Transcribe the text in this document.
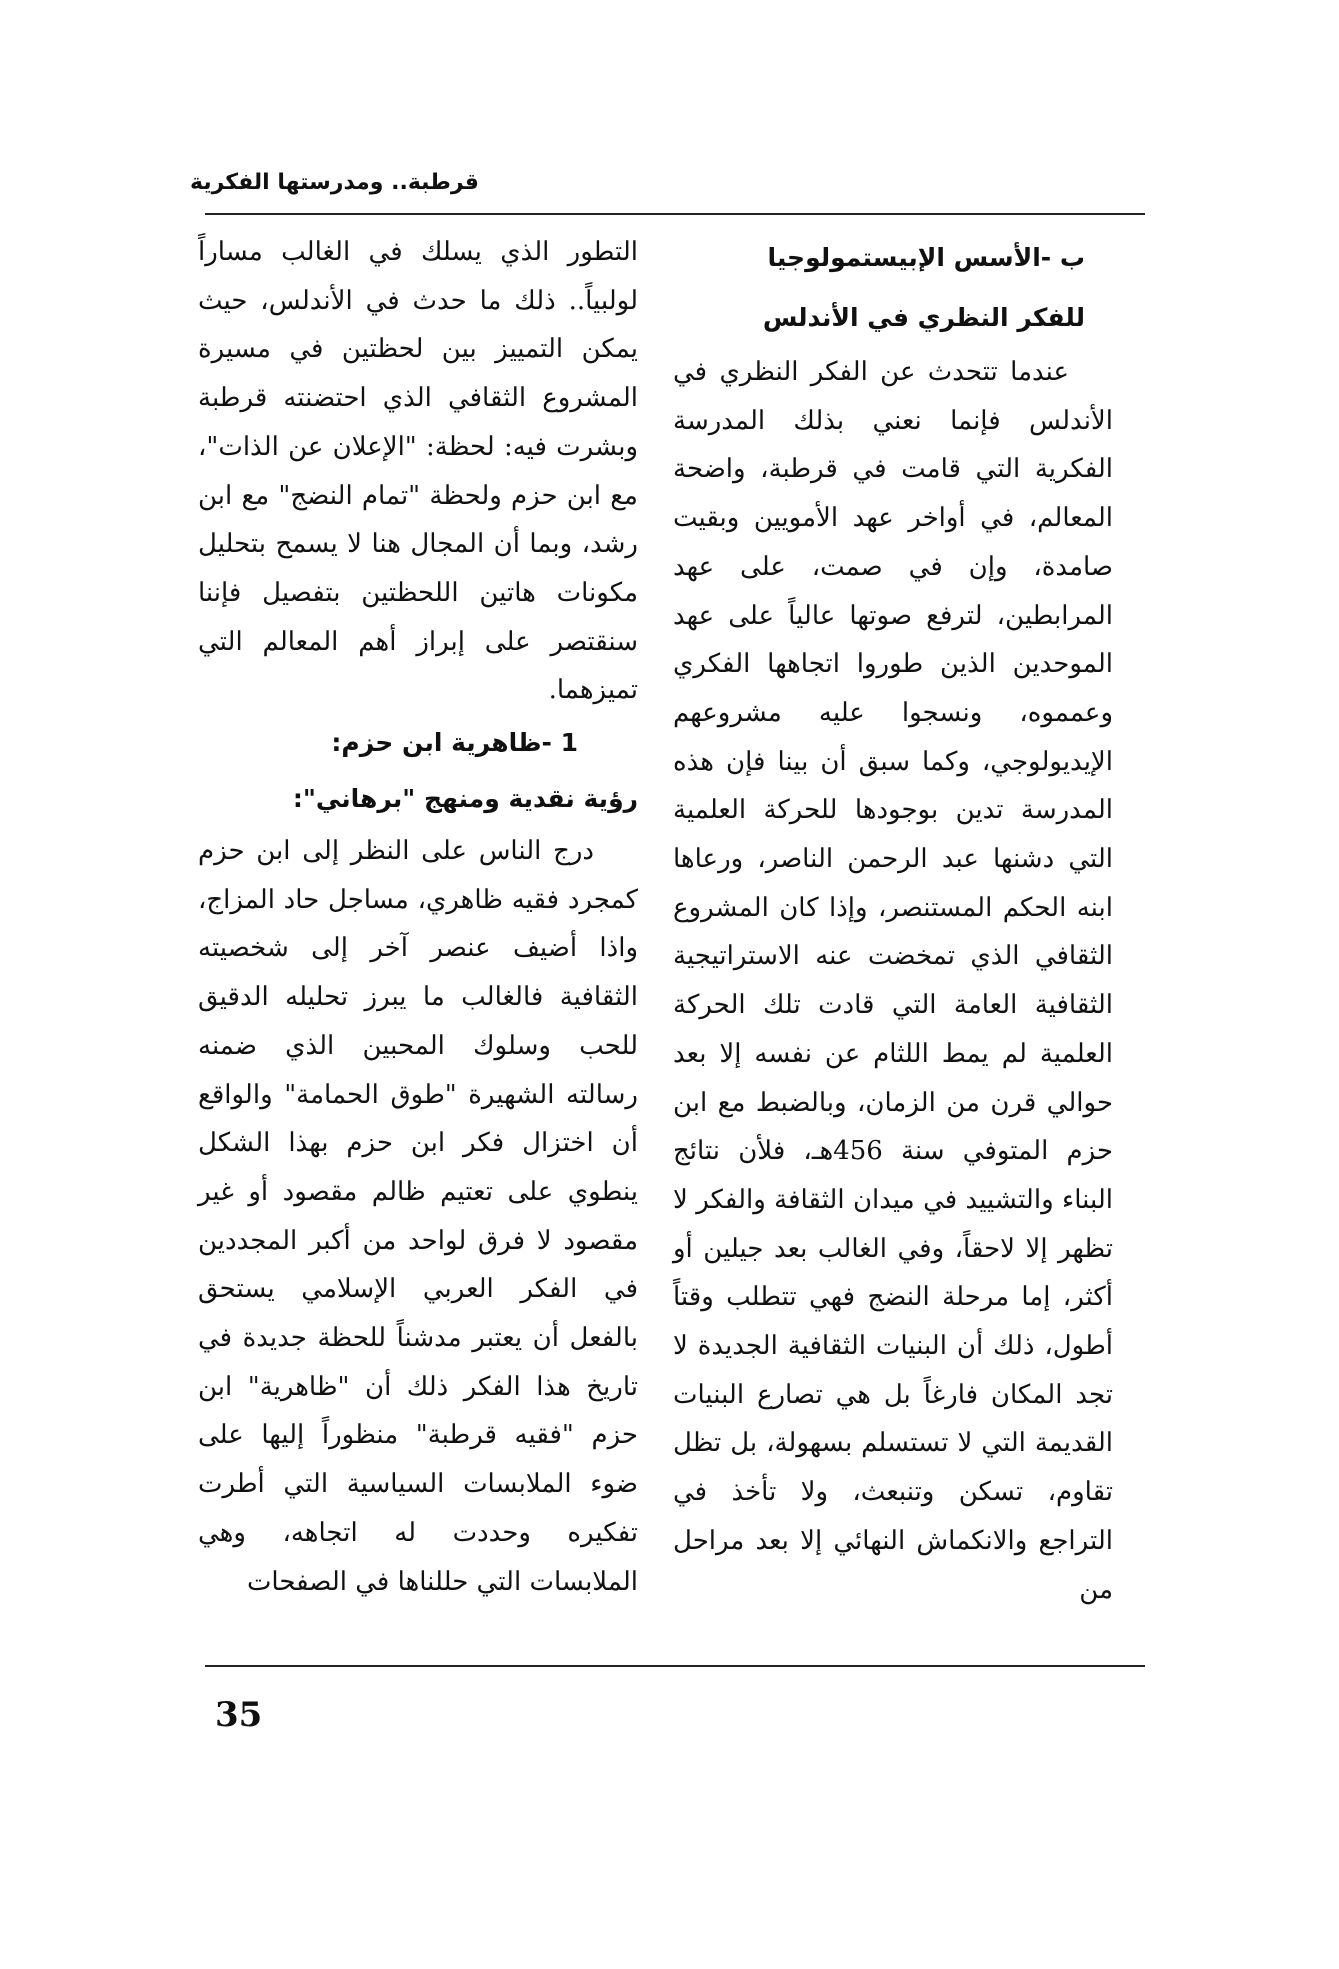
قرطبة.. ومدرستها الفكرية
ب -الأسس الإبيستمولوجيا
للفكر النظري في الأندلس

عندما تتحدث عن الفكر النظري في الأندلس فإنما نعني بذلك المدرسة الفكرية التي قامت في قرطبة، واضحة المعالم، في أواخر عهد الأمويين وبقيت صامدة، وإن في صمت، على عهد المرابطين، لترفع صوتها عالياً على عهد الموحدين الذين طوروا اتجاهها الفكري وعمموه، ونسجوا عليه مشروعهم الإيديولوجي، وكما سبق أن بينا فإن هذه المدرسة تدين بوجودها للحركة العلمية التي دشنها عبد الرحمن الناصر، ورعاها ابنه الحكم المستنصر، وإذا كان المشروع الثقافي الذي تمخضت عنه الاستراتيجية الثقافية العامة التي قادت تلك الحركة العلمية لم يمط اللثام عن نفسه إلا بعد حوالي قرن من الزمان، وبالضبط مع ابن حزم المتوفي سنة 456هـ، فلأن نتائج البناء والتشييد في ميدان الثقافة والفكر لا تظهر إلا لاحقاً، وفي الغالب بعد جيلين أو أكثر، إما مرحلة النضج فهي تتطلب وقتاً أطول، ذلك أن البنيات الثقافية الجديدة لا تجد المكان فارغاً بل هي تصارع البنيات القديمة التي لا تستسلم بسهولة، بل تظل تقاوم، تسكن وتنبعث، ولا تأخذ في التراجع والانكماش النهائي إلا بعد مراحل من

التطور الذي يسلك في الغالب مساراً لولبياً.. ذلك ما حدث في الأندلس، حيث يمكن التمييز بين لحظتين في مسيرة المشروع الثقافي الذي احتضنته قرطبة وبشرت فيه: لحظة: "الإعلان عن الذات"، مع ابن حزم ولحظة "تمام النضج" مع ابن رشد، وبما أن المجال هنا لا يسمح بتحليل مكونات هاتين اللحظتين بتفصيل فإننا سنقتصر على إبراز أهم المعالم التي تميزهما.

1 -ظاهرية ابن حزم:
رؤية نقدية ومنهج "برهاني":

درج الناس على النظر إلى ابن حزم كمجرد فقيه ظاهري، مساجل حاد المزاج، واذا أضيف عنصر آخر إلى شخصيته الثقافية فالغالب ما يبرز تحليله الدقيق للحب وسلوك المحبين الذي ضمنه رسالته الشهيرة "طوق الحمامة" والواقع أن اختزال فكر ابن حزم بهذا الشكل ينطوي على تعتيم ظالم مقصود أو غير مقصود لا فرق لواحد من أكبر المجددين في الفكر العربي الإسلامي يستحق بالفعل أن يعتبر مدشناً للحظة جديدة في تاريخ هذا الفكر ذلك أن "ظاهرية" ابن حزم "فقيه قرطبة" منظوراً إليها على ضوء الملابسات السياسية التي أطرت تفكيره وحددت له اتجاهه، وهي الملابسات التي حللناها في الصفحات

35
